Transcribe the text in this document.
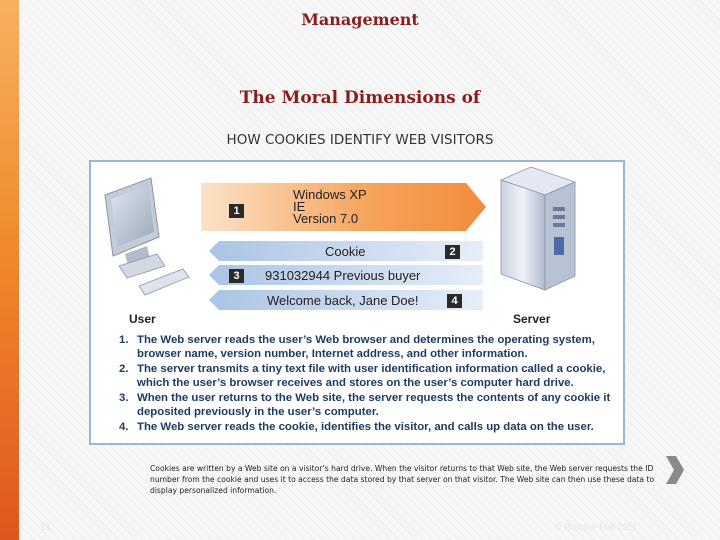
Management
The Moral Dimensions of
HOW COOKIES IDENTIFY WEB VISITORS
Windows XP
IE
Version 7.0
1
Cookie	2
3	931032944 Previous buyer
Welcome back, Jane Doe!	4
User	Server
1. The Web server reads the user’s Web browser and determines the operating system, browser name, version number, Internet address, and other information.
2. The server transmits a tiny text file with user identification information called a cookie, which the user’s browser receives and stores on the user’s computer hard drive.
3. When the user returns to the Web site, the server requests the contents of any cookie it deposited previously in the user’s computer.
4. The Web server reads the cookie, identifies the visitor, and calls up data on the user.
Cookies are written by a Web site on a visitor’s hard drive. When the visitor returns to that Web site, the Web server requests the ID number from the cookie and uses it to access the data stored by that server on that visitor. The Web site can then use these data to display personalized information.
13	© Prentice Hall 2011
